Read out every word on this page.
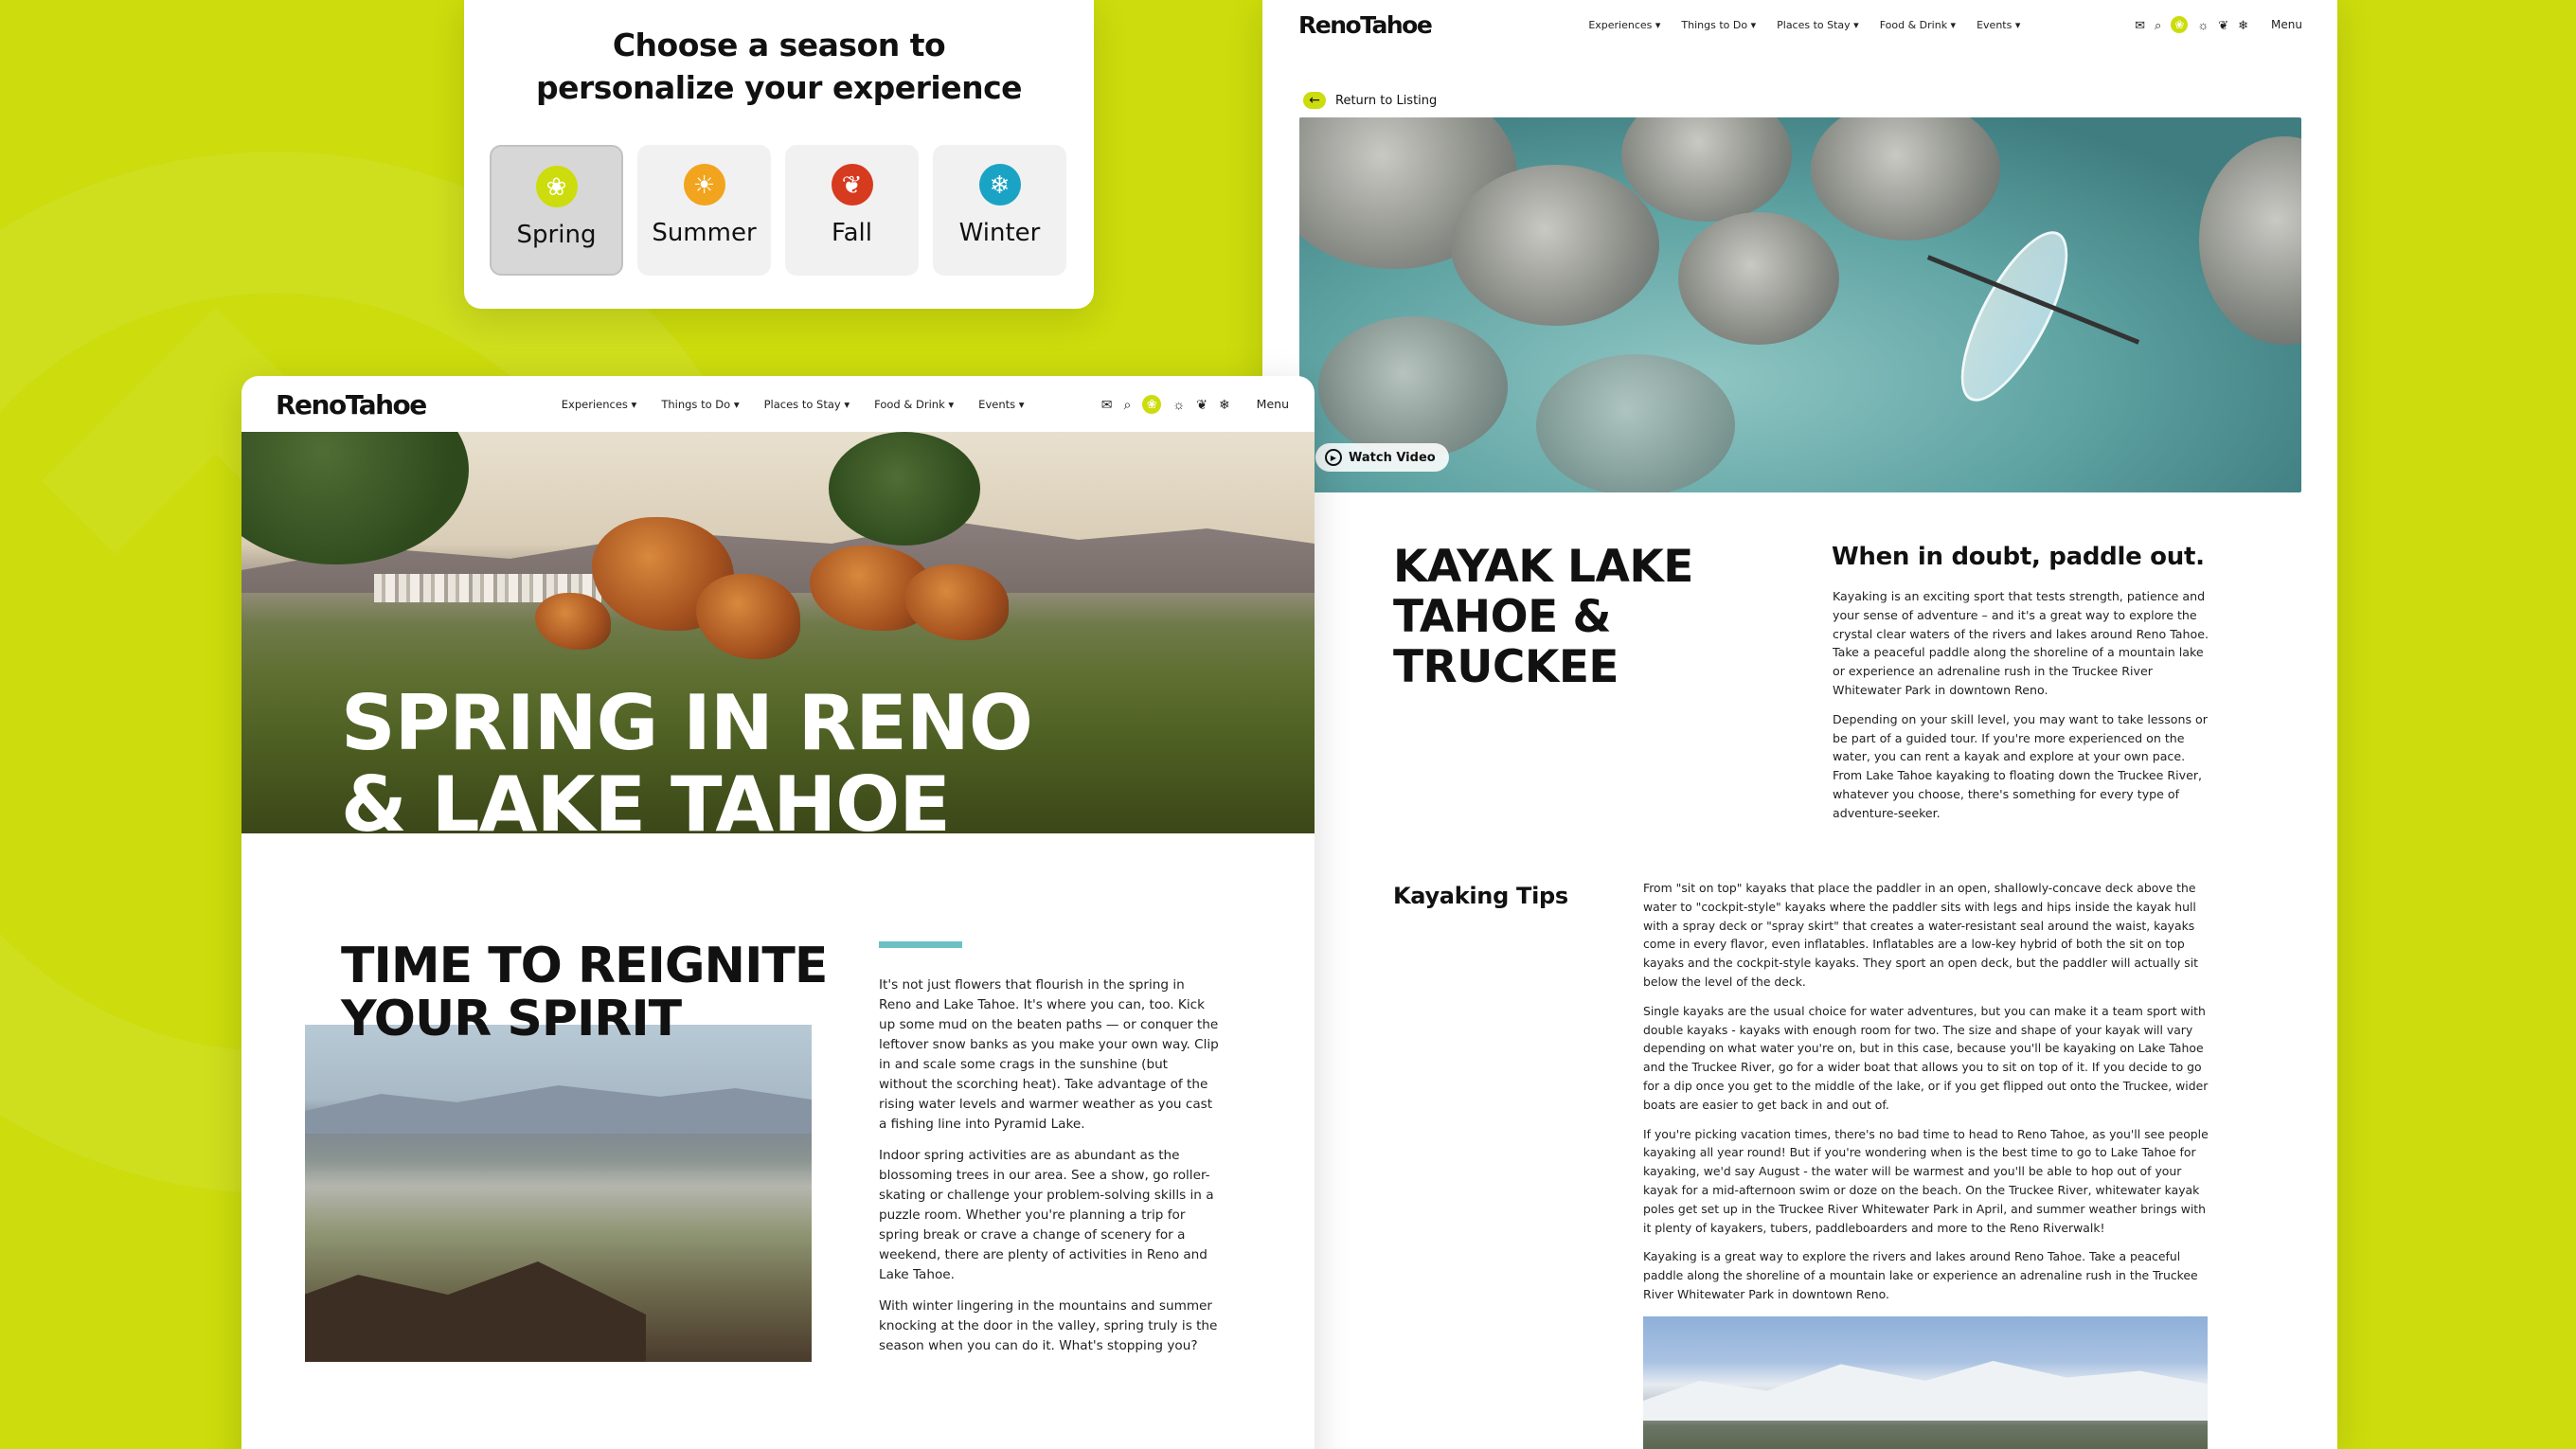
Choose a season to
personalize your experience
❀
Spring
☀
Summer
❦
Fall
❄
Winter
RenoTahoe	Experiences ▾ Things to Do ▾ Places to Stay ▾ Food & Drink ▾ Events ▾	✉ ⌕	❀	☼ ❦ ❄ Menu
←	Return to Listing
▶ Watch Video
KAYAK LAKE
TAHOE &
TRUCKEE
When in doubt, paddle out.

Kayaking is an exciting sport that tests strength, patience and your sense of adventure – and it's a great way to explore the crystal clear waters of the rivers and lakes around Reno Tahoe. Take a peaceful paddle along the shoreline of a mountain lake or experience an adrenaline rush in the Truckee River Whitewater Park in downtown Reno.

Depending on your skill level, you may want to take lessons or be part of a guided tour. If you're more experienced on the water, you can rent a kayak and explore at your own pace. From Lake Tahoe kayaking to floating down the Truckee River, whatever you choose, there's something for every type of adventure-seeker.

Kayaking Tips	From "sit on top" kayaks that place the paddler in an open, shallowly-concave deck above the water to "cockpit-style" kayaks where the paddler sits with legs and hips inside the kayak hull with a spray deck or "spray skirt" that creates a water-resistant seal around the waist, kayaks come in every flavor, even inflatables. Inflatables are a low-key hybrid of both the sit on top kayaks and the cockpit-style kayaks. They sport an open deck, but the paddler will actually sit below the level of the deck.

Single kayaks are the usual choice for water adventures, but you can make it a team sport with double kayaks - kayaks with enough room for two. The size and shape of your kayak will vary depending on what water you're on, but in this case, because you'll be kayaking on Lake Tahoe and the Truckee River, go for a wider boat that allows you to sit on top of it. If you decide to go for a dip once you get to the middle of the lake, or if you get flipped out onto the Truckee, wider boats are easier to get back in and out of.

If you're picking vacation times, there's no bad time to head to Reno Tahoe, as you'll see people kayaking all year round! But if you're wondering when is the best time to go to Lake Tahoe for kayaking, we'd say August - the water will be warmest and you'll be able to hop out of your kayak for a mid-afternoon swim or doze on the beach. On the Truckee River, whitewater kayak poles get set up in the Truckee River Whitewater Park in April, and summer weather brings with it plenty of kayakers, tubers, paddleboarders and more to the Reno Riverwalk!

Kayaking is a great way to explore the rivers and lakes around Reno Tahoe. Take a peaceful paddle along the shoreline of a mountain lake or experience an adrenaline rush in the Truckee River Whitewater Park in downtown Reno.

RenoTahoe	Experiences ▾ Things to Do ▾ Places to Stay ▾ Food & Drink ▾ Events ▾	✉ ⌕	❀	☼ ❦ ❄ Menu
SPRING IN RENO
& LAKE TAHOE
TIME TO REIGNITE
YOUR SPIRIT

It's not just flowers that flourish in the spring in Reno and Lake Tahoe. It's where you can, too. Kick up some mud on the beaten paths — or conquer the leftover snow banks as you make your own way. Clip in and scale some crags in the sunshine (but without the scorching heat). Take advantage of the rising water levels and warmer weather as you cast a fishing line into Pyramid Lake.

Indoor spring activities are as abundant as the blossoming trees in our area. See a show, go roller-skating or challenge your problem-solving skills in a puzzle room. Whether you're planning a trip for spring break or crave a change of scenery for a weekend, there are plenty of activities in Reno and Lake Tahoe.

With winter lingering in the mountains and summer knocking at the door in the valley, spring truly is the season when you can do it. What's stopping you?
